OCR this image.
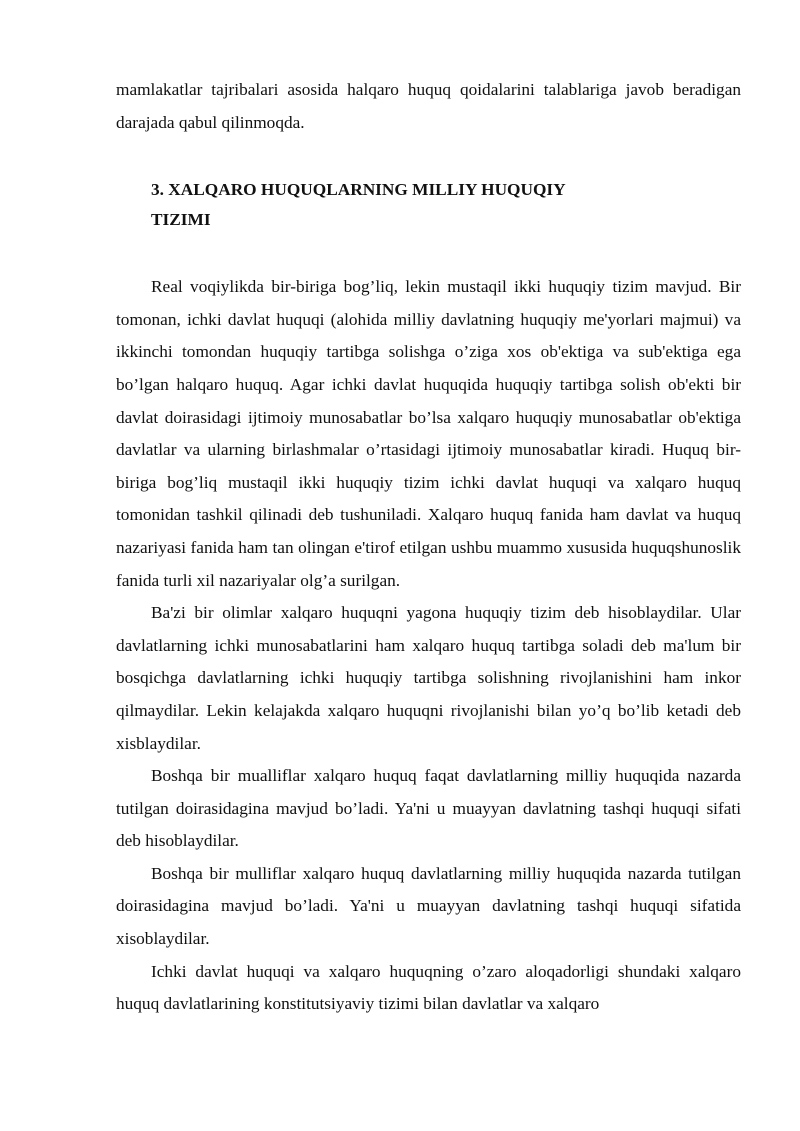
mamlakatlar tajribalari asosida halqaro huquq qoidalarini talablariga javob beradigan darajada qabul qilinmoqda.

3. XALQARO HUQUQLARNING MILLIY HUQUQIY
TIZIMI

Real voqiylikda bir-biriga bog’liq, lekin mustaqil ikki huquqiy tizim mavjud. Bir tomonan, ichki davlat huquqi (alohida milliy davlatning huquqiy me'yorlari majmui) va ikkinchi tomondan huquqiy tartibga solishga o’ziga xos ob'ektiga va sub'ektiga ega bo’lgan halqaro huquq. Agar ichki davlat huquqida huquqiy tartibga solish ob'ekti bir davlat doirasidagi ijtimoiy munosabatlar bo’lsa xalqaro huquqiy munosabatlar ob'ektiga davlatlar va ularning birlashmalar o’rtasidagi ijtimoiy munosabatlar kiradi. Huquq bir-biriga bog’liq mustaqil ikki huquqiy tizim ichki davlat huquqi va xalqaro huquq tomonidan tashkil qilinadi deb tushuniladi. Xalqaro huquq fanida ham davlat va huquq nazariyasi fanida ham tan olingan e'tirof etilgan ushbu muammo xususida huquqshunoslik fanida turli xil nazariyalar olg’a surilgan.

Ba'zi bir olimlar xalqaro huquqni yagona huquqiy tizim deb hisoblaydilar. Ular davlatlarning ichki munosabatlarini ham xalqaro huquq tartibga soladi deb ma'lum bir bosqichga davlatlarning ichki huquqiy tartibga solishning rivojlanishini ham inkor qilmaydilar. Lekin kelajakda xalqaro huquqni rivojlanishi bilan yo’q bo’lib ketadi deb xisblaydilar.

Boshqa bir mualliflar xalqaro huquq faqat davlatlarning milliy huquqida nazarda tutilgan doirasidagina mavjud bo’ladi. Ya'ni u muayyan davlatning tashqi huquqi sifati deb hisoblaydilar.

Boshqa bir mulliflar xalqaro huquq davlatlarning milliy huquqida nazarda tutilgan doirasidagina mavjud bo’ladi. Ya'ni u muayyan davlatning tashqi huquqi sifatida xisoblaydilar.

Ichki davlat huquqi va xalqaro huquqning o’zaro aloqadorligi shundaki xalqaro huquq davlatlarining konstitutsiyaviy tizimi bilan davlatlar va xalqaro
